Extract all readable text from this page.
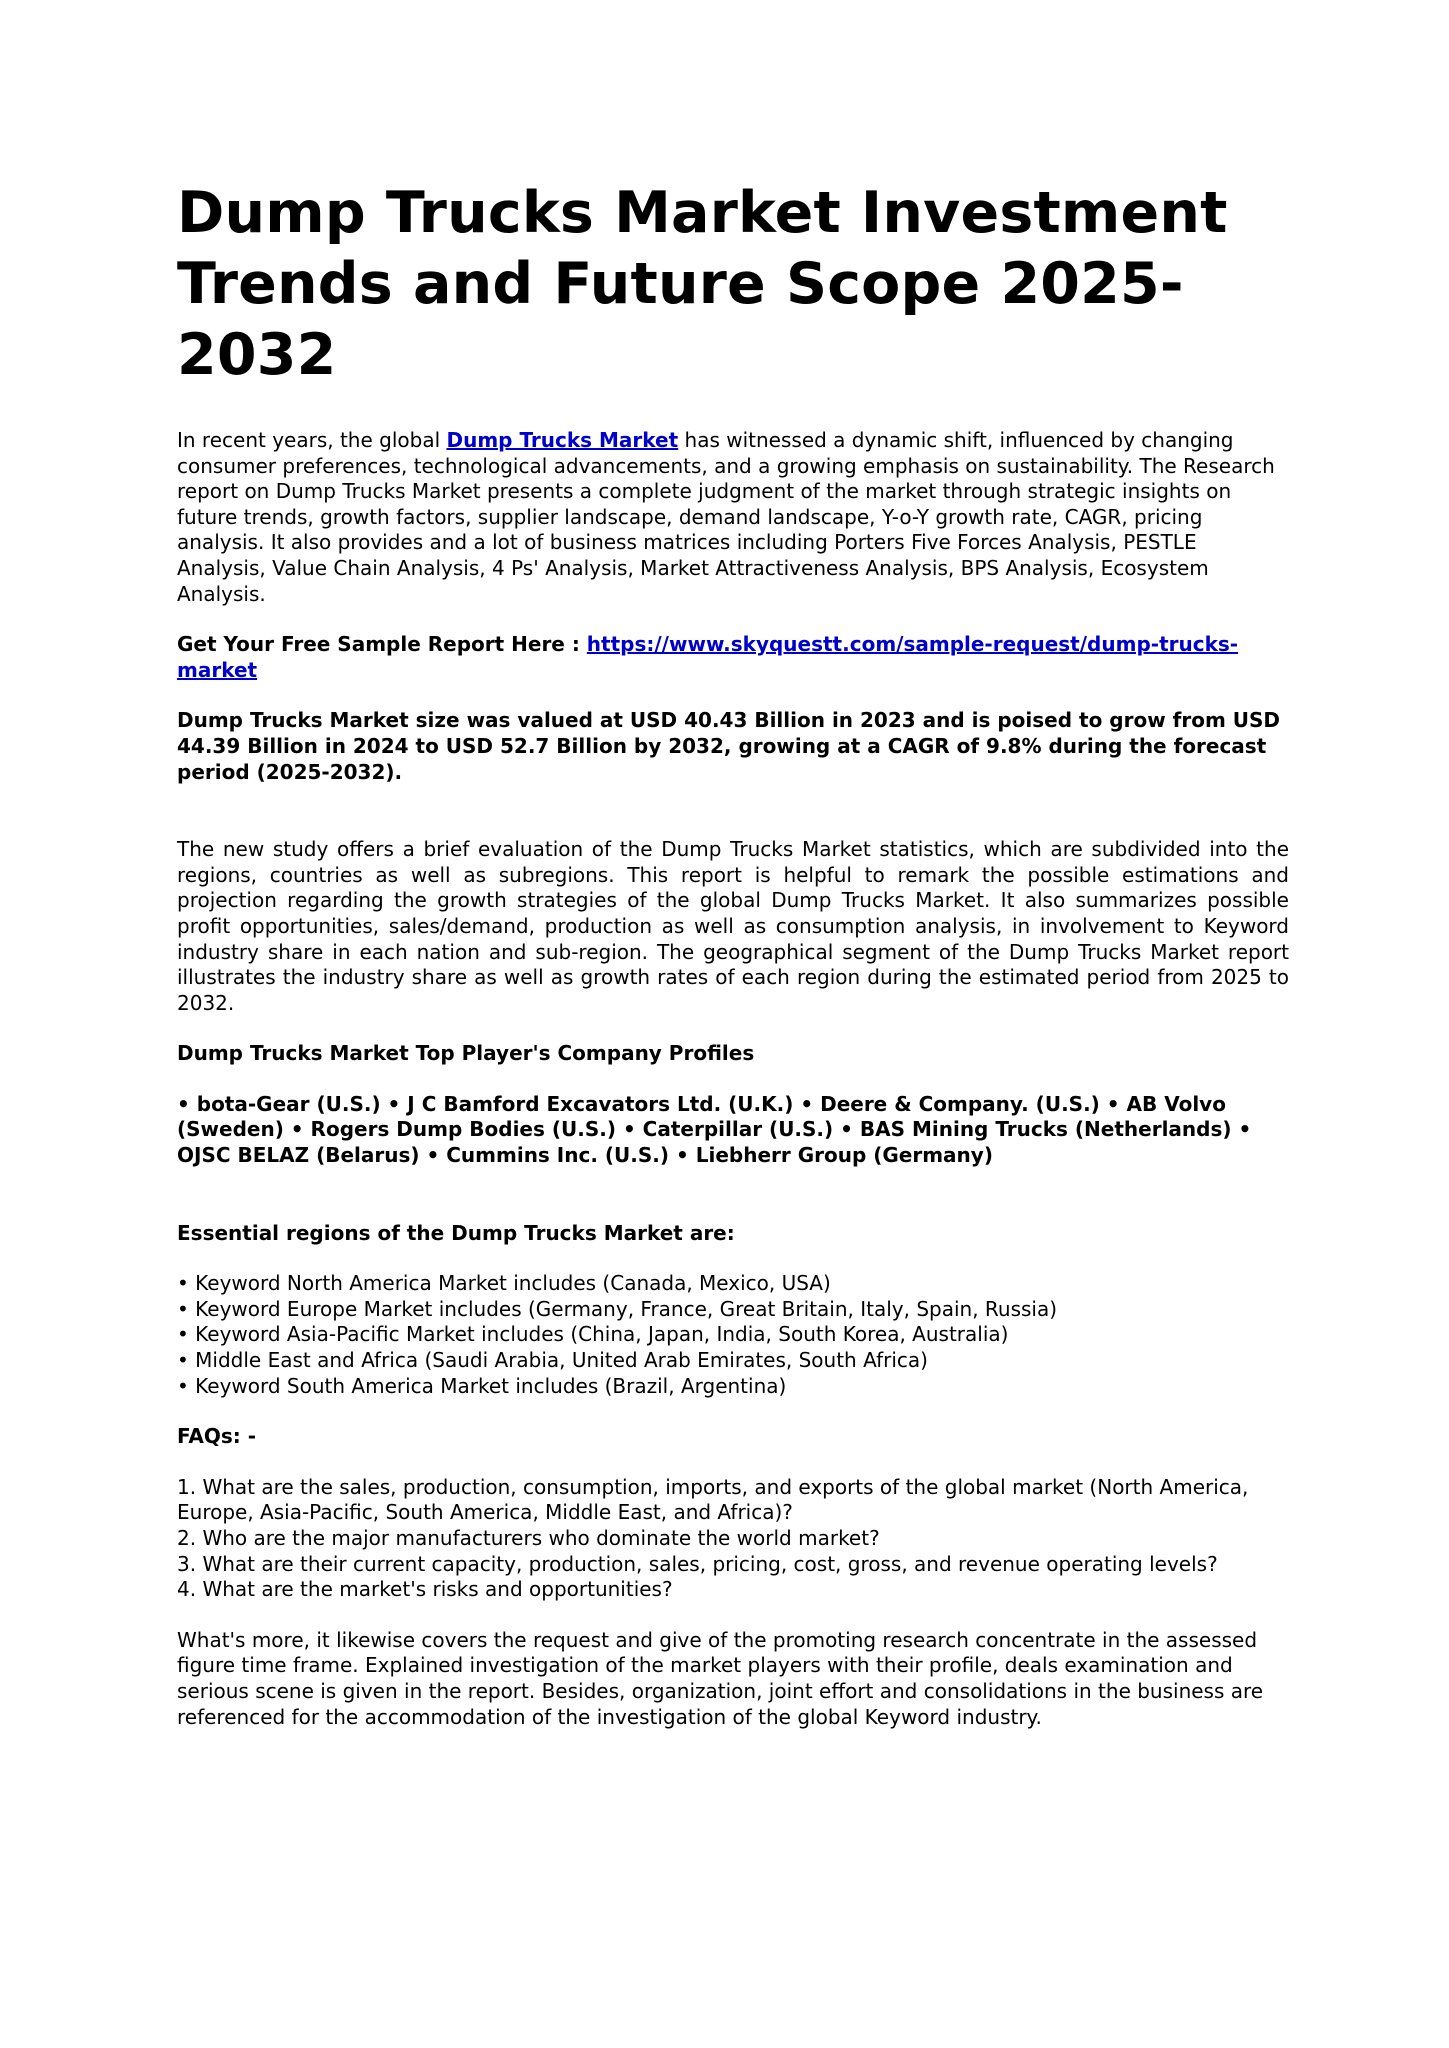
Dump Trucks Market Investment Trends and Future Scope 2025-2032

In recent years, the global Dump Trucks Market has witnessed a dynamic shift, influenced by changing consumer preferences, technological advancements, and a growing emphasis on sustainability. The Research report on Dump Trucks Market presents a complete judgment of the market through strategic insights on future trends, growth factors, supplier landscape, demand landscape, Y-o-Y growth rate, CAGR, pricing analysis. It also provides and a lot of business matrices including Porters Five Forces Analysis, PESTLE Analysis, Value Chain Analysis, 4 Ps' Analysis, Market Attractiveness Analysis, BPS Analysis, Ecosystem Analysis.

Get Your Free Sample Report Here : https://www.skyquestt.com/sample-request/dump-trucks-market

Dump Trucks Market size was valued at USD 40.43 Billion in 2023 and is poised to grow from USD 44.39 Billion in 2024 to USD 52.7 Billion by 2032, growing at a CAGR of 9.8% during the forecast period (2025-2032).

The new study offers a brief evaluation of the Dump Trucks Market statistics, which are subdivided into the regions, countries as well as subregions. This report is helpful to remark the possible estimations and projection regarding the growth strategies of the global Dump Trucks Market. It also summarizes possible profit opportunities, sales/demand, production as well as consumption analysis, in involvement to Keyword industry share in each nation and sub-region. The geographical segment of the Dump Trucks Market report illustrates the industry share as well as growth rates of each region during the estimated period from 2025 to 2032.

Dump Trucks Market Top Player's Company Profiles

• bota-Gear (U.S.) • J C Bamford Excavators Ltd. (U.K.) • Deere & Company. (U.S.) • AB Volvo (Sweden) • Rogers Dump Bodies (U.S.) • Caterpillar (U.S.) • BAS Mining Trucks (Netherlands) • OJSC BELAZ (Belarus) • Cummins Inc. (U.S.) • Liebherr Group (Germany)

Essential regions of the Dump Trucks Market are:

• Keyword North America Market includes (Canada, Mexico, USA)
• Keyword Europe Market includes (Germany, France, Great Britain, Italy, Spain, Russia)
• Keyword Asia-Pacific Market includes (China, Japan, India, South Korea, Australia)
• Middle East and Africa (Saudi Arabia, United Arab Emirates, South Africa)
• Keyword South America Market includes (Brazil, Argentina)

FAQs: -

1. What are the sales, production, consumption, imports, and exports of the global market (North America, Europe, Asia-Pacific, South America, Middle East, and Africa)?
2. Who are the major manufacturers who dominate the world market?
3. What are their current capacity, production, sales, pricing, cost, gross, and revenue operating levels?
4. What are the market's risks and opportunities?

What's more, it likewise covers the request and give of the promoting research concentrate in the assessed figure time frame. Explained investigation of the market players with their profile, deals examination and serious scene is given in the report. Besides, organization, joint effort and consolidations in the business are referenced for the accommodation of the investigation of the global Keyword industry.
